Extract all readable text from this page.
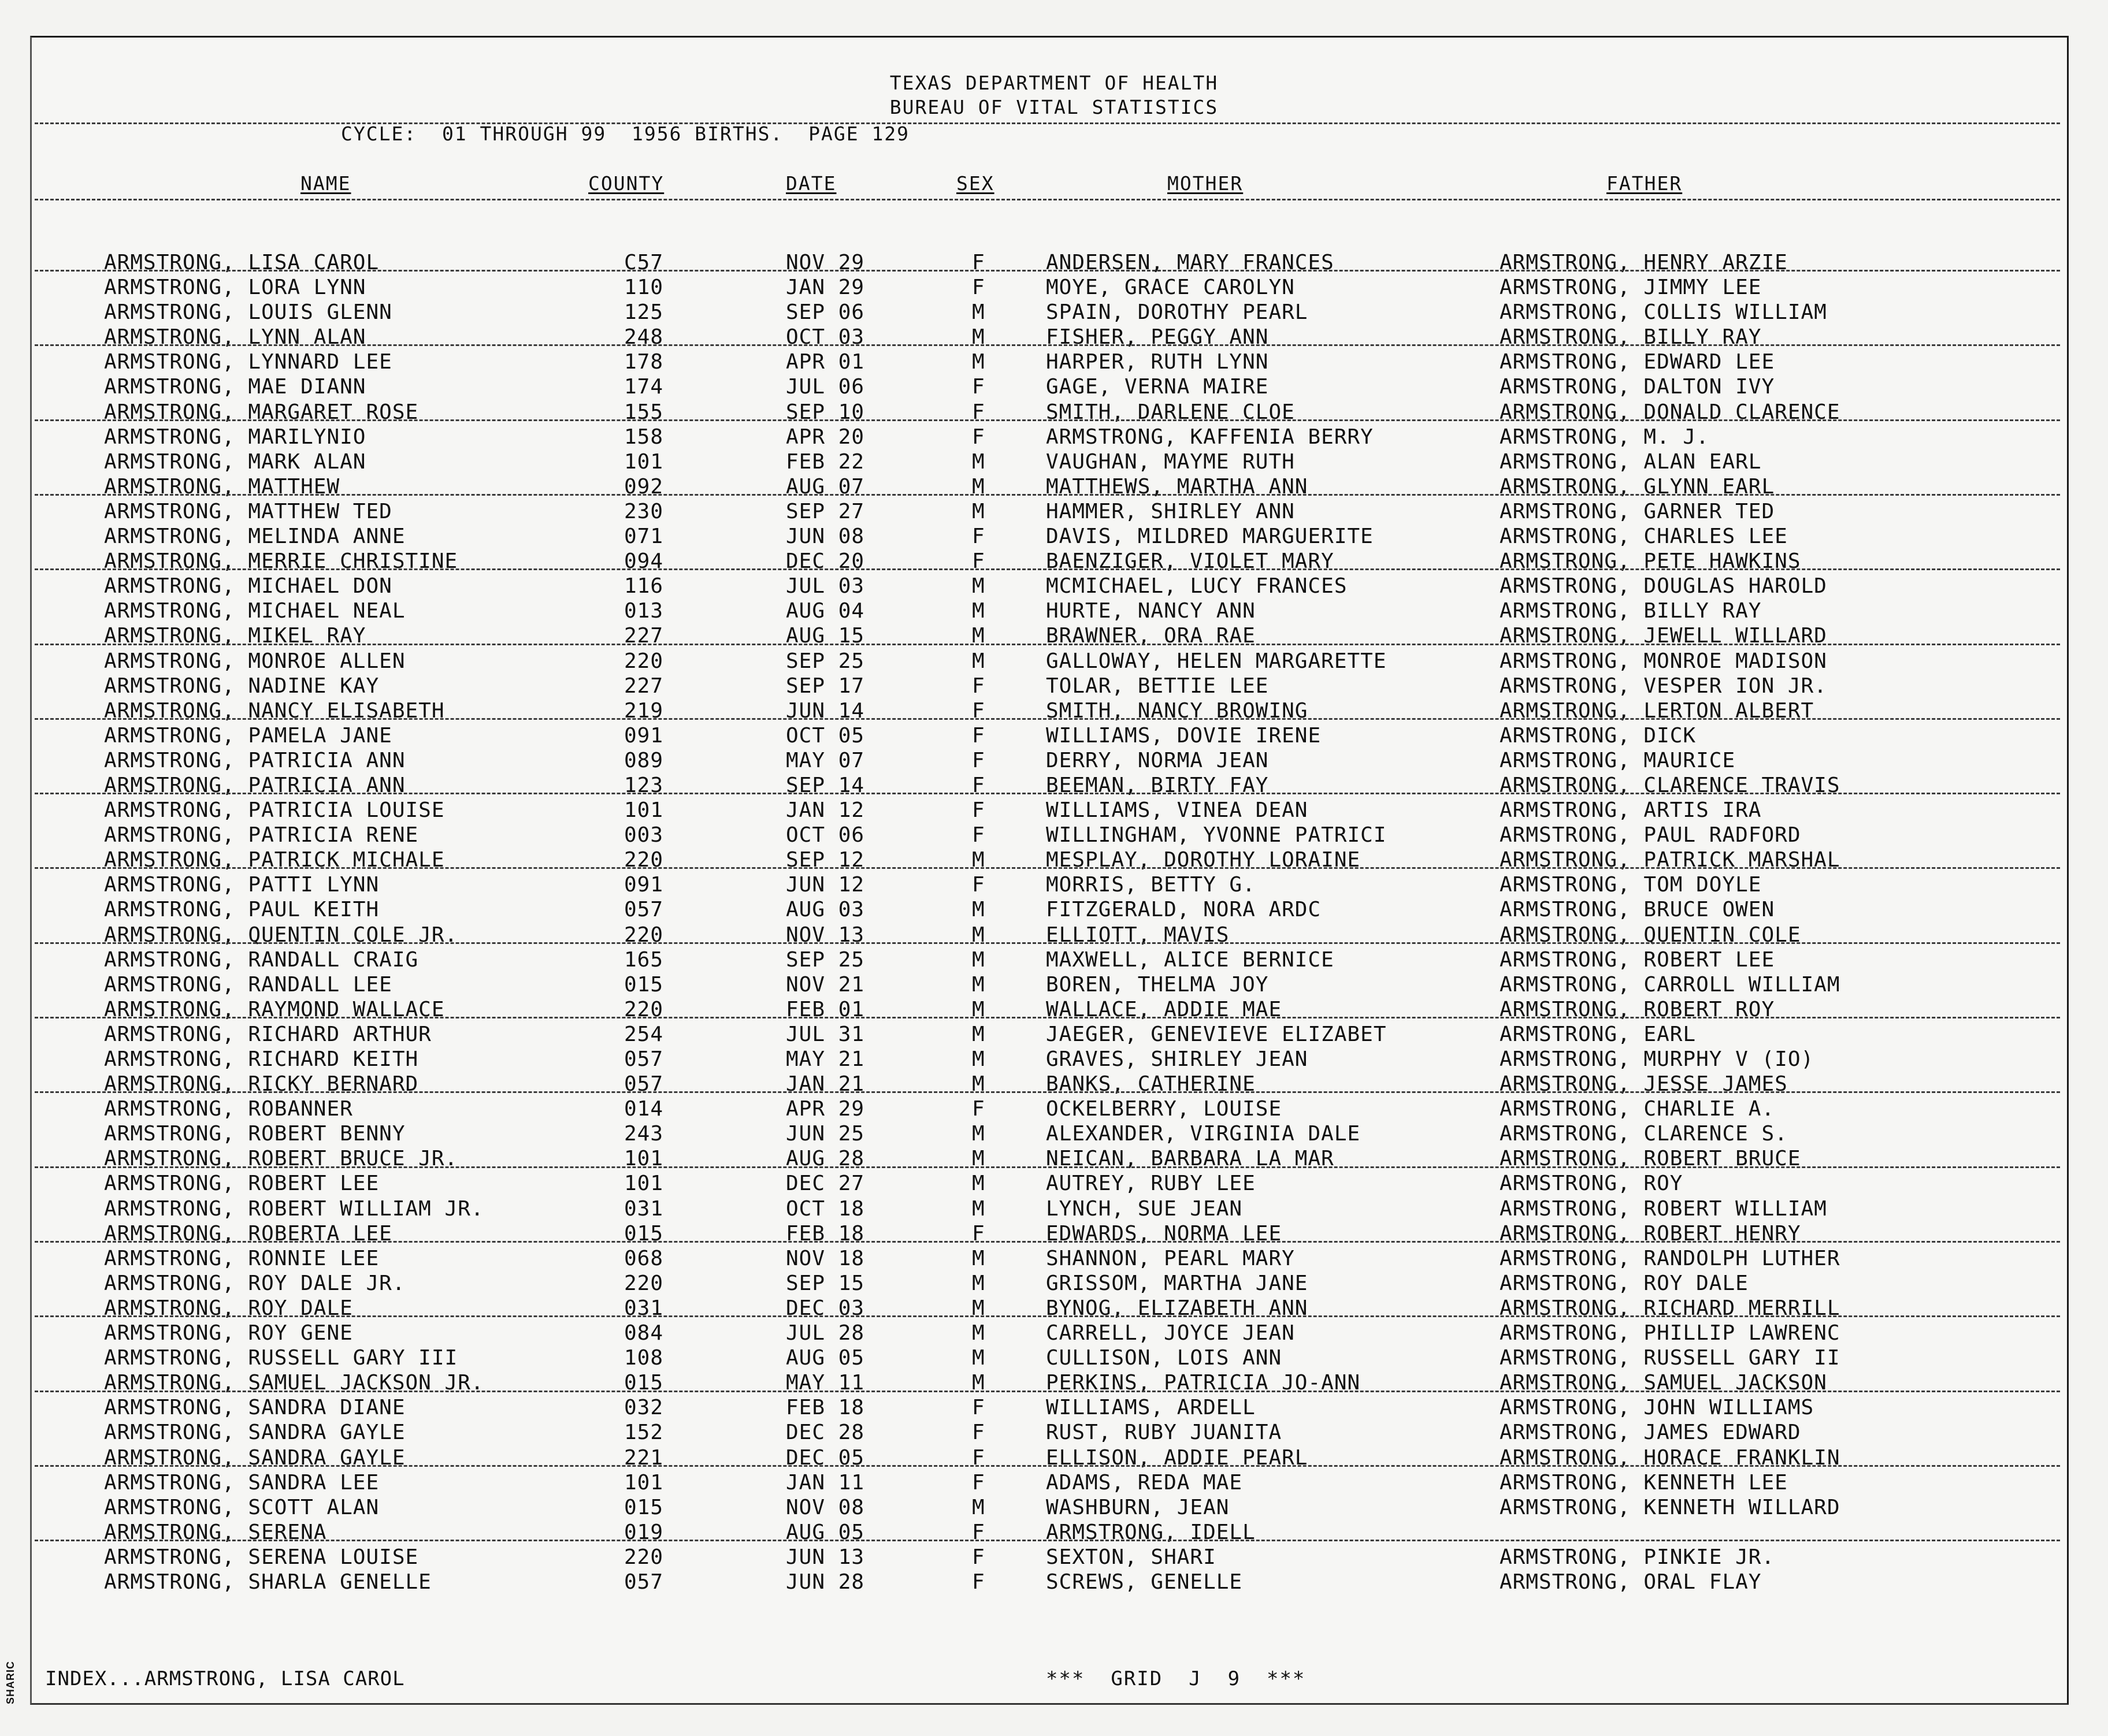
TEXAS DEPARTMENT OF HEALTH
BUREAU OF VITAL STATISTICS
CYCLE:  01 THROUGH 99  1956 BIRTHS.  PAGE 129
NAME	COUNTY	DATE	SEX	MOTHER	FATHER
ARMSTRONG, LISA CAROL	C57	NOV 29	F	ANDERSEN, MARY FRANCES	ARMSTRONG, HENRY ARZIE
ARMSTRONG, LORA LYNN	110	JAN 29	F	MOYE, GRACE CAROLYN	ARMSTRONG, JIMMY LEE
ARMSTRONG, LOUIS GLENN	125	SEP 06	M	SPAIN, DOROTHY PEARL	ARMSTRONG, COLLIS WILLIAM
ARMSTRONG, LYNN ALAN	248	OCT 03	M	FISHER, PEGGY ANN	ARMSTRONG, BILLY RAY
ARMSTRONG, LYNNARD LEE	178	APR 01	M	HARPER, RUTH LYNN	ARMSTRONG, EDWARD LEE
ARMSTRONG, MAE DIANN	174	JUL 06	F	GAGE, VERNA MAIRE	ARMSTRONG, DALTON IVY
ARMSTRONG, MARGARET ROSE	155	SEP 10	F	SMITH, DARLENE CLOE	ARMSTRONG, DONALD CLARENCE
ARMSTRONG, MARILYNIO	158	APR 20	F	ARMSTRONG, KAFFENIA BERRY	ARMSTRONG, M. J.
ARMSTRONG, MARK ALAN	101	FEB 22	M	VAUGHAN, MAYME RUTH	ARMSTRONG, ALAN EARL
ARMSTRONG, MATTHEW	092	AUG 07	M	MATTHEWS, MARTHA ANN	ARMSTRONG, GLYNN EARL
ARMSTRONG, MATTHEW TED	230	SEP 27	M	HAMMER, SHIRLEY ANN	ARMSTRONG, GARNER TED
ARMSTRONG, MELINDA ANNE	071	JUN 08	F	DAVIS, MILDRED MARGUERITE	ARMSTRONG, CHARLES LEE
ARMSTRONG, MERRIE CHRISTINE	094	DEC 20	F	BAENZIGER, VIOLET MARY	ARMSTRONG, PETE HAWKINS
ARMSTRONG, MICHAEL DON	116	JUL 03	M	MCMICHAEL, LUCY FRANCES	ARMSTRONG, DOUGLAS HAROLD
ARMSTRONG, MICHAEL NEAL	013	AUG 04	M	HURTE, NANCY ANN	ARMSTRONG, BILLY RAY
ARMSTRONG, MIKEL RAY	227	AUG 15	M	BRAWNER, ORA RAE	ARMSTRONG, JEWELL WILLARD
ARMSTRONG, MONROE ALLEN	220	SEP 25	M	GALLOWAY, HELEN MARGARETTE	ARMSTRONG, MONROE MADISON
ARMSTRONG, NADINE KAY	227	SEP 17	F	TOLAR, BETTIE LEE	ARMSTRONG, VESPER ION JR.
ARMSTRONG, NANCY ELISABETH	219	JUN 14	F	SMITH, NANCY BROWING	ARMSTRONG, LERTON ALBERT
ARMSTRONG, PAMELA JANE	091	OCT 05	F	WILLIAMS, DOVIE IRENE	ARMSTRONG, DICK
ARMSTRONG, PATRICIA ANN	089	MAY 07	F	DERRY, NORMA JEAN	ARMSTRONG, MAURICE
ARMSTRONG, PATRICIA ANN	123	SEP 14	F	BEEMAN, BIRTY FAY	ARMSTRONG, CLARENCE TRAVIS
ARMSTRONG, PATRICIA LOUISE	101	JAN 12	F	WILLIAMS, VINEA DEAN	ARMSTRONG, ARTIS IRA
ARMSTRONG, PATRICIA RENE	003	OCT 06	F	WILLINGHAM, YVONNE PATRICI	ARMSTRONG, PAUL RADFORD
ARMSTRONG, PATRICK MICHALE	220	SEP 12	M	MESPLAY, DOROTHY LORAINE	ARMSTRONG, PATRICK MARSHAL
ARMSTRONG, PATTI LYNN	091	JUN 12	F	MORRIS, BETTY G.	ARMSTRONG, TOM DOYLE
ARMSTRONG, PAUL KEITH	057	AUG 03	M	FITZGERALD, NORA ARDC	ARMSTRONG, BRUCE OWEN
ARMSTRONG, QUENTIN COLE JR.	220	NOV 13	M	ELLIOTT, MAVIS	ARMSTRONG, QUENTIN COLE
ARMSTRONG, RANDALL CRAIG	165	SEP 25	M	MAXWELL, ALICE BERNICE	ARMSTRONG, ROBERT LEE
ARMSTRONG, RANDALL LEE	015	NOV 21	M	BOREN, THELMA JOY	ARMSTRONG, CARROLL WILLIAM
ARMSTRONG, RAYMOND WALLACE	220	FEB 01	M	WALLACE, ADDIE MAE	ARMSTRONG, ROBERT ROY
ARMSTRONG, RICHARD ARTHUR	254	JUL 31	M	JAEGER, GENEVIEVE ELIZABET	ARMSTRONG, EARL
ARMSTRONG, RICHARD KEITH	057	MAY 21	M	GRAVES, SHIRLEY JEAN	ARMSTRONG, MURPHY V (IO)
ARMSTRONG, RICKY BERNARD	057	JAN 21	M	BANKS, CATHERINE	ARMSTRONG, JESSE JAMES
ARMSTRONG, ROBANNER	014	APR 29	F	OCKELBERRY, LOUISE	ARMSTRONG, CHARLIE A.
ARMSTRONG, ROBERT BENNY	243	JUN 25	M	ALEXANDER, VIRGINIA DALE	ARMSTRONG, CLARENCE S.
ARMSTRONG, ROBERT BRUCE JR.	101	AUG 28	M	NEICAN, BARBARA LA MAR	ARMSTRONG, ROBERT BRUCE
ARMSTRONG, ROBERT LEE	101	DEC 27	M	AUTREY, RUBY LEE	ARMSTRONG, ROY
ARMSTRONG, ROBERT WILLIAM JR.	031	OCT 18	M	LYNCH, SUE JEAN	ARMSTRONG, ROBERT WILLIAM
ARMSTRONG, ROBERTA LEE	015	FEB 18	F	EDWARDS, NORMA LEE	ARMSTRONG, ROBERT HENRY
ARMSTRONG, RONNIE LEE	068	NOV 18	M	SHANNON, PEARL MARY	ARMSTRONG, RANDOLPH LUTHER
ARMSTRONG, ROY DALE JR.	220	SEP 15	M	GRISSOM, MARTHA JANE	ARMSTRONG, ROY DALE
ARMSTRONG, ROY DALE	031	DEC 03	M	BYNOG, ELIZABETH ANN	ARMSTRONG, RICHARD MERRILL
ARMSTRONG, ROY GENE	084	JUL 28	M	CARRELL, JOYCE JEAN	ARMSTRONG, PHILLIP LAWRENC
ARMSTRONG, RUSSELL GARY III	108	AUG 05	M	CULLISON, LOIS ANN	ARMSTRONG, RUSSELL GARY II
ARMSTRONG, SAMUEL JACKSON JR.	015	MAY 11	M	PERKINS, PATRICIA JO-ANN	ARMSTRONG, SAMUEL JACKSON
ARMSTRONG, SANDRA DIANE	032	FEB 18	F	WILLIAMS, ARDELL	ARMSTRONG, JOHN WILLIAMS
ARMSTRONG, SANDRA GAYLE	152	DEC 28	F	RUST, RUBY JUANITA	ARMSTRONG, JAMES EDWARD
ARMSTRONG, SANDRA GAYLE	221	DEC 05	F	ELLISON, ADDIE PEARL	ARMSTRONG, HORACE FRANKLIN
ARMSTRONG, SANDRA LEE	101	JAN 11	F	ADAMS, REDA MAE	ARMSTRONG, KENNETH LEE
ARMSTRONG, SCOTT ALAN	015	NOV 08	M	WASHBURN, JEAN	ARMSTRONG, KENNETH WILLARD
ARMSTRONG, SERENA	019	AUG 05	F	ARMSTRONG, IDELL
ARMSTRONG, SERENA LOUISE	220	JUN 13	F	SEXTON, SHARI	ARMSTRONG, PINKIE JR.
ARMSTRONG, SHARLA GENELLE	057	JUN 28	F	SCREWS, GENELLE	ARMSTRONG, ORAL FLAY
INDEX...ARMSTRONG, LISA CAROL	***  GRID  J  9  ***
SHARIC
